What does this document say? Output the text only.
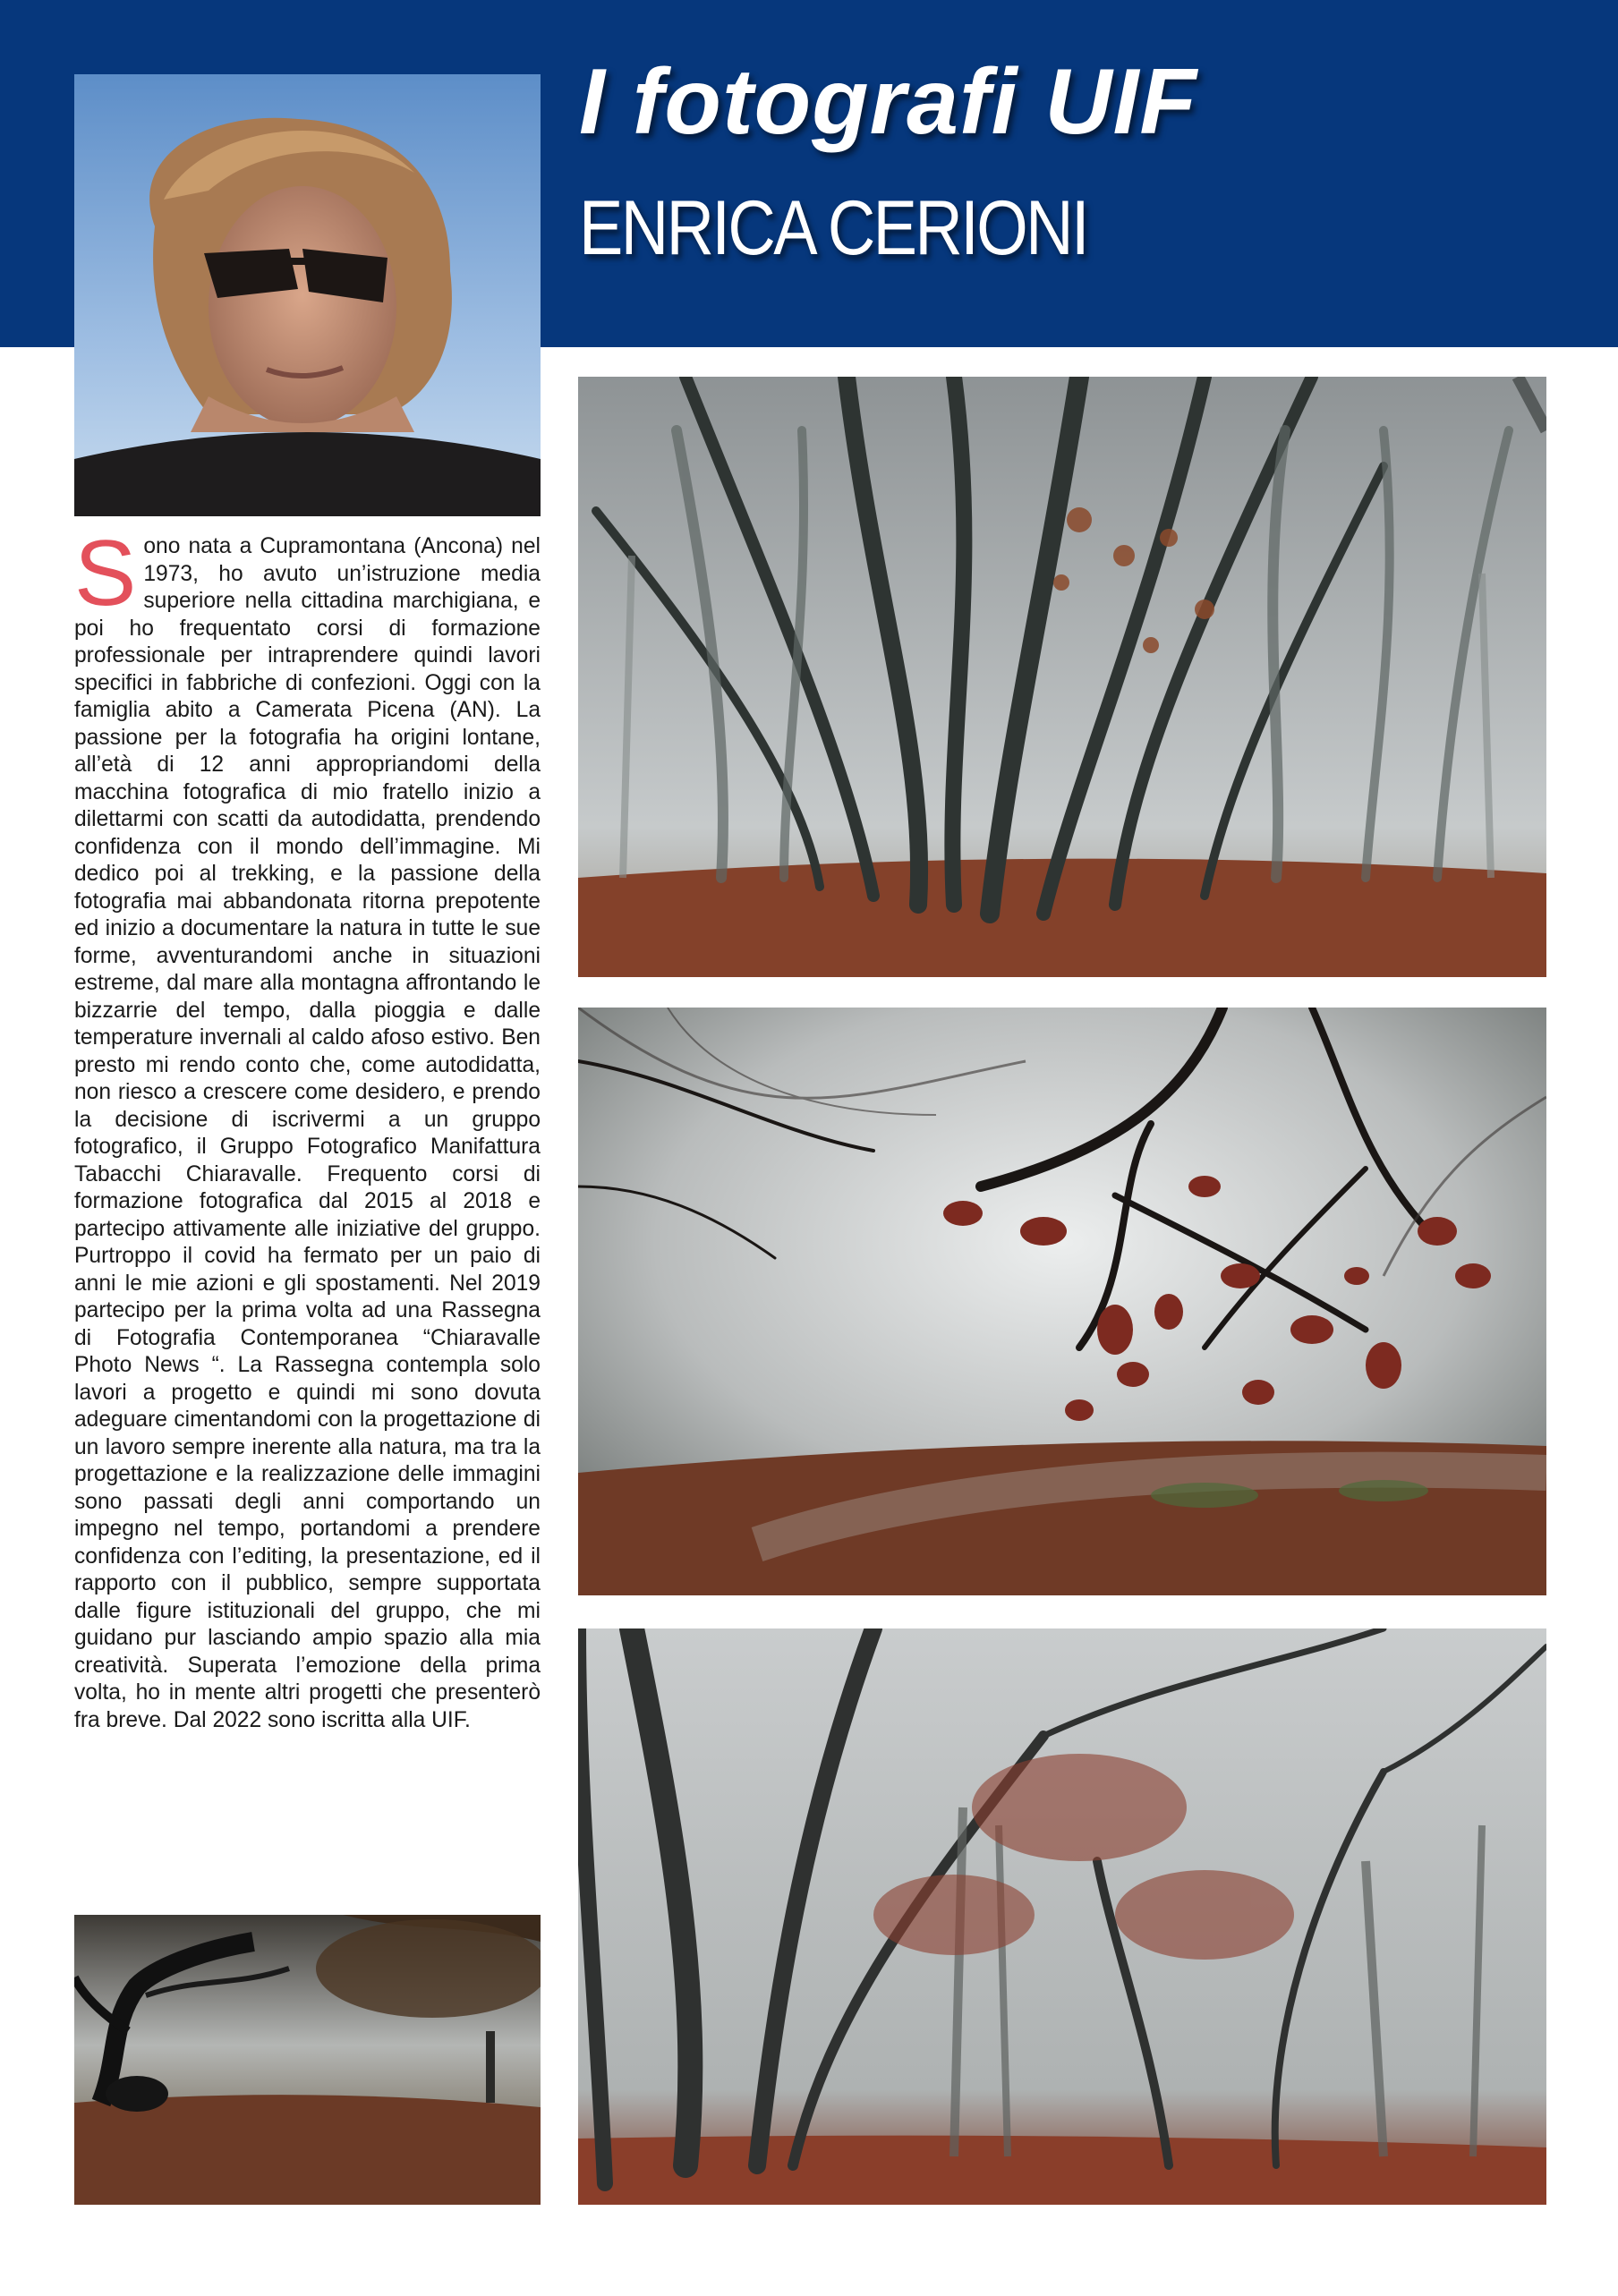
I fotografi UIF
ENRICA CERIONI

Sono nata a Cupramontana (Ancona) nel 1973, ho avuto un’istruzione media superiore nella cittadina marchigiana, e poi ho frequentato corsi di formazione professionale per intraprendere quindi lavori specifici in fabbriche di confezioni. Oggi con la famiglia abito a Camerata Picena (AN). La passione per la fotografia ha origini lontane, all’età di 12 anni appropriandomi della macchina fotografica di mio fratello inizio a dilettarmi con scatti da autodidatta, prendendo confidenza con il mondo dell’immagine. Mi dedico poi al trekking, e la passione della fotografia mai abbandonata ritorna prepotente ed inizio a documentare la natura in tutte le sue forme, avventurandomi anche in situazioni estreme, dal mare alla montagna affrontando le bizzarrie del tempo, dalla pioggia e dalle temperature invernali al caldo afoso estivo. Ben presto mi rendo conto che, come autodidatta, non riesco a crescere come desidero, e prendo la decisione di iscrivermi a un gruppo fotografico, il Gruppo Fotografico Manifattura Tabacchi Chiaravalle. Frequento corsi di formazione fotografica dal 2015 al 2018 e partecipo attivamente alle iniziative del gruppo. Purtroppo il covid ha fermato per un paio di anni le mie azioni e gli spostamenti. Nel 2019 partecipo per la prima volta ad una Rassegna di Fotografia Contemporanea “Chiaravalle Photo News “. La Rassegna contempla solo lavori a progetto e quindi mi sono dovuta adeguare cimentandomi con la progettazione di un lavoro sempre inerente alla natura, ma tra la progettazione e la realizzazione delle immagini sono passati degli anni comportando un impegno nel tempo, portandomi a prendere confidenza con l’editing, la presentazione, ed il rapporto con il pubblico, sempre supportata dalle figure istituzionali del gruppo, che mi guidano pur lasciando ampio spazio alla mia creatività. Superata l’emozione della prima volta, ho in mente altri progetti che presenterò fra breve. Dal 2022 sono iscritta alla UIF.
